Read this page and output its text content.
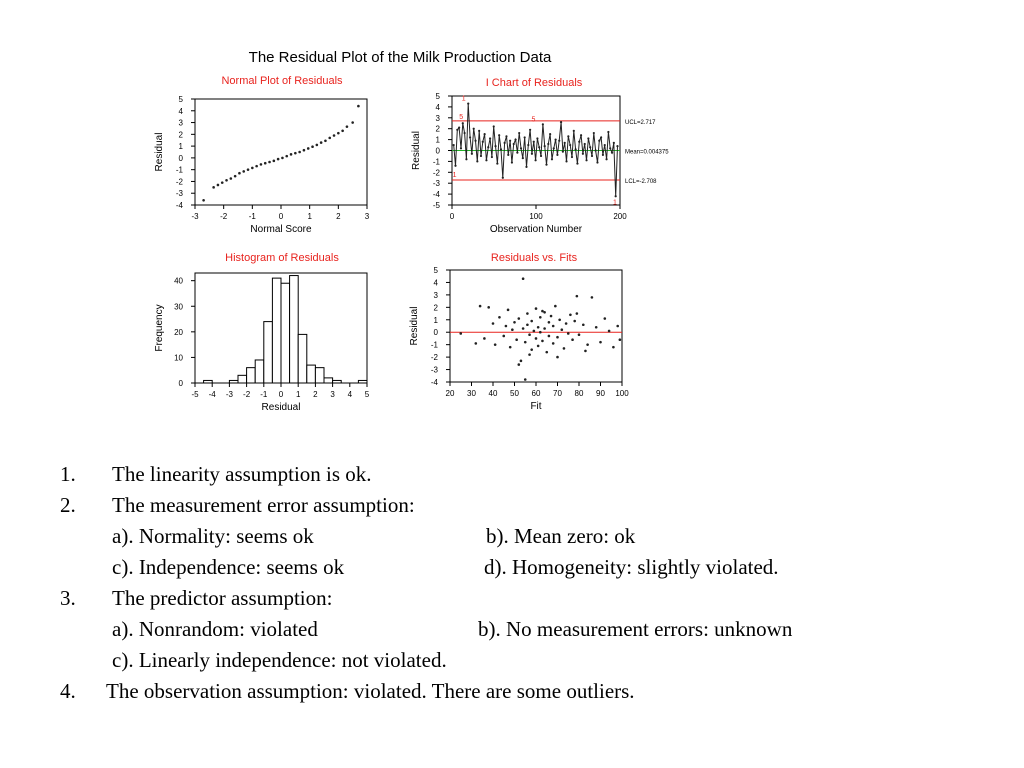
The Residual Plot of the Milk Production Data
Normal Plot of Residuals
Normal Score
Residual
-3	-2	-1	0	1	2	3
5
4
3
2
1
0
-1
-2
-3
-4
I Chart of Residuals
Observation Number
Residual
0	100	200
5
4
3
2
1
0
-1
-2
-3
-4
-5
UCL=2.717
Mean=0.004375
LCL=-2.708
1
5	5
1
1
Histogram of Residuals
Residual
Frequency
-5 -4 -3 -2 -1 0 1 2 3 4 5
40
30
20
10
0
Residuals vs. Fits
Fit
Residual
20 30 40 50 60 70 80 90 100
5
4
3
2
1
0
-1
-2
-3
-4
1. The linearity assumption is ok.
2. The measurement error assumption:
a). Normality: seems ok	b). Mean zero: ok
c). Independence: seems ok	d). Homogeneity: slightly violated.
3. The predictor assumption:
a). Nonrandom: violated	b). No measurement errors: unknown
c). Linearly independence: not violated.
4. The observation assumption: violated. There are some outliers.
